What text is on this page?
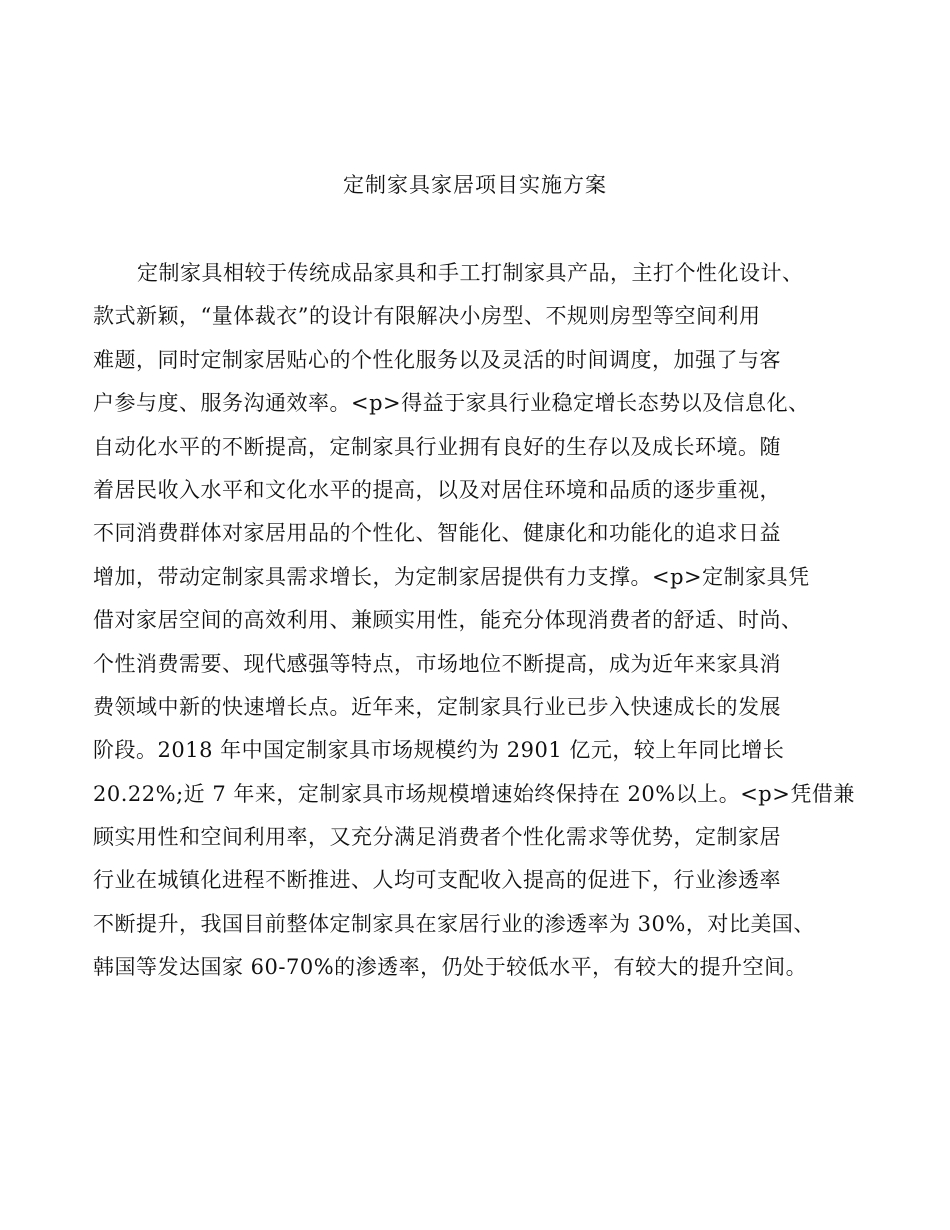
定制家具家居项目实施方案
定制家具相较于传统成品家具和手工打制家具产品，主打个性化设计、
款式新颖，“量体裁衣”的设计有限解决小房型、不规则房型等空间利用
难题，同时定制家居贴心的个性化服务以及灵活的时间调度，加强了与客
户参与度、服务沟通效率。<p>得益于家具行业稳定增长态势以及信息化、
自动化水平的不断提高，定制家具行业拥有良好的生存以及成长环境。随
着居民收入水平和文化水平的提高，以及对居住环境和品质的逐步重视，
不同消费群体对家居用品的个性化、智能化、健康化和功能化的追求日益
增加，带动定制家具需求增长，为定制家居提供有力支撑。<p>定制家具凭
借对家居空间的高效利用、兼顾实用性，能充分体现消费者的舒适、时尚、
个性消费需要、现代感强等特点，市场地位不断提高，成为近年来家具消
费领域中新的快速增长点。近年来，定制家具行业已步入快速成长的发展
阶段。2018 年中国定制家具市场规模约为 2901 亿元，较上年同比增长
20.22%;近 7 年来，定制家具市场规模增速始终保持在 20%以上。<p>凭借兼
顾实用性和空间利用率，又充分满足消费者个性化需求等优势，定制家居
行业在城镇化进程不断推进、人均可支配收入提高的促进下，行业渗透率
不断提升，我国目前整体定制家具在家居行业的渗透率为 30%，对比美国、
韩国等发达国家 60-70%的渗透率，仍处于较低水平，有较大的提升空间。
